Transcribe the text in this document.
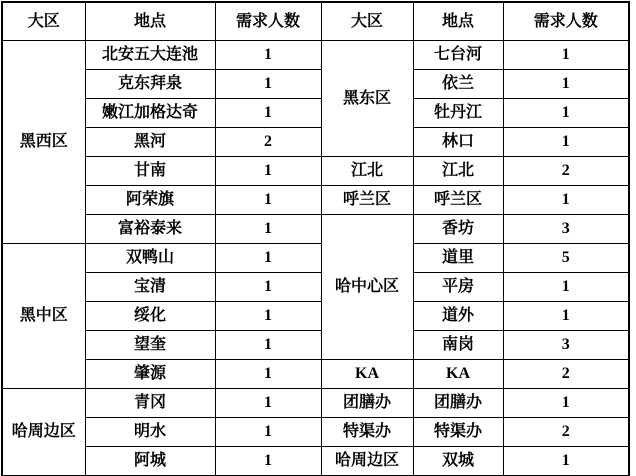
大区	地点	需求人数	大区	地点	需求人数
黑西区	北安五大连池	1	黑东区	七台河	1
	克东拜泉	1		依兰	1
	嫩江加格达奇	1		牡丹江	1
	黑河	2		林口	1
	甘南	1	江北	江北	2
	阿荣旗	1	呼兰区	呼兰区	1
	富裕泰来	1	哈中心区	香坊	3
黑中区	双鸭山	1		道里	5
	宝清	1		平房	1
	绥化	1		道外	1
	望奎	1		南岗	3
	肇源	1	KA	KA	2
哈周边区	青冈	1	团膳办	团膳办	1
	明水	1	特渠办	特渠办	2
	阿城	1	哈周边区	双城	1
